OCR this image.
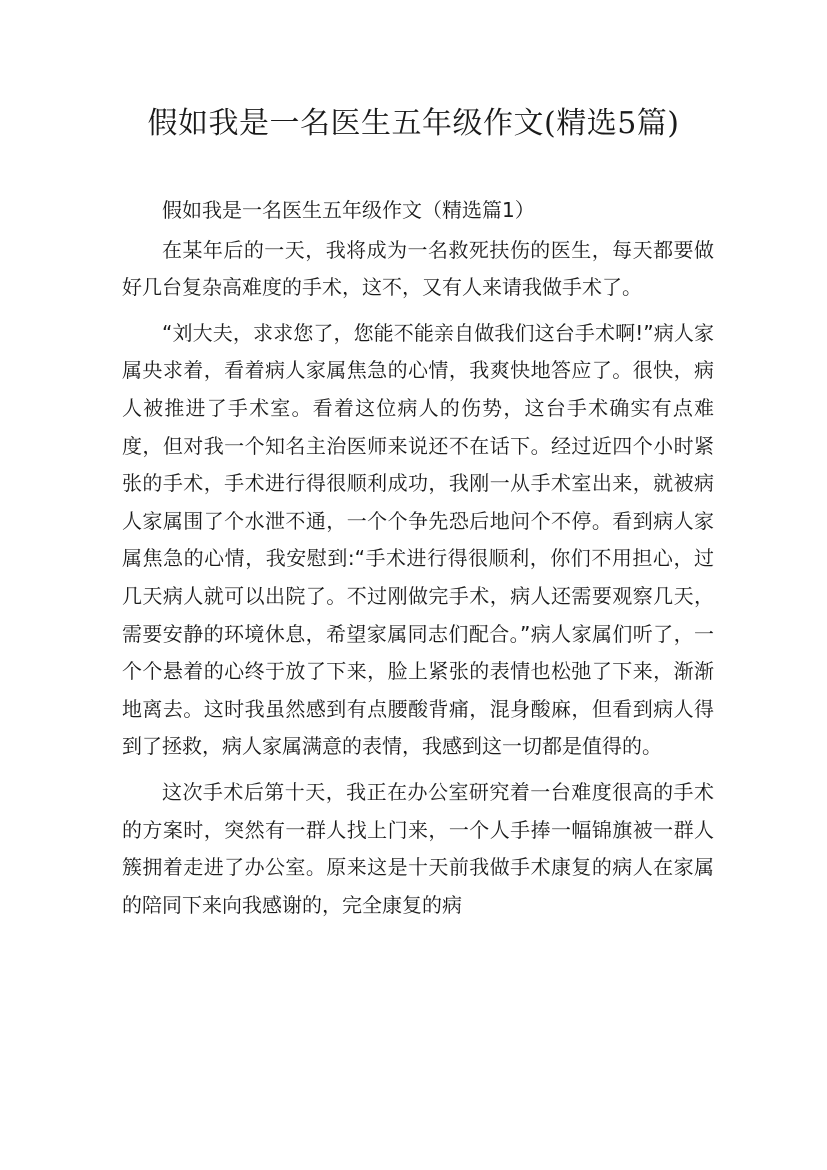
假如我是一名医生五年级作文(精选5篇)

假如我是一名医生五年级作文（精选篇1）

在某年后的一天，我将成为一名救死扶伤的医生，每天都要做好几台复杂高难度的手术，这不，又有人来请我做手术了。

“刘大夫，求求您了，您能不能亲自做我们这台手术啊!”病人家属央求着，看着病人家属焦急的心情，我爽快地答应了。很快，病人被推进了手术室。看着这位病人的伤势，这台手术确实有点难度，但对我一个知名主治医师来说还不在话下。经过近四个小时紧张的手术，手术进行得很顺利成功，我刚一从手术室出来，就被病人家属围了个水泄不通，一个个争先恐后地问个不停。看到病人家属焦急的心情，我安慰到:“手术进行得很顺利，你们不用担心，过几天病人就可以出院了。不过刚做完手术，病人还需要观察几天，需要安静的环境休息，希望家属同志们配合。”病人家属们听了，一个个悬着的心终于放了下来，脸上紧张的表情也松弛了下来，渐渐地离去。这时我虽然感到有点腰酸背痛，混身酸麻，但看到病人得到了拯救，病人家属满意的表情，我感到这一切都是值得的。

这次手术后第十天，我正在办公室研究着一台难度很高的手术的方案时，突然有一群人找上门来，一个人手捧一幅锦旗被一群人簇拥着走进了办公室。原来这是十天前我做手术康复的病人在家属的陪同下来向我感谢的，完全康复的病
